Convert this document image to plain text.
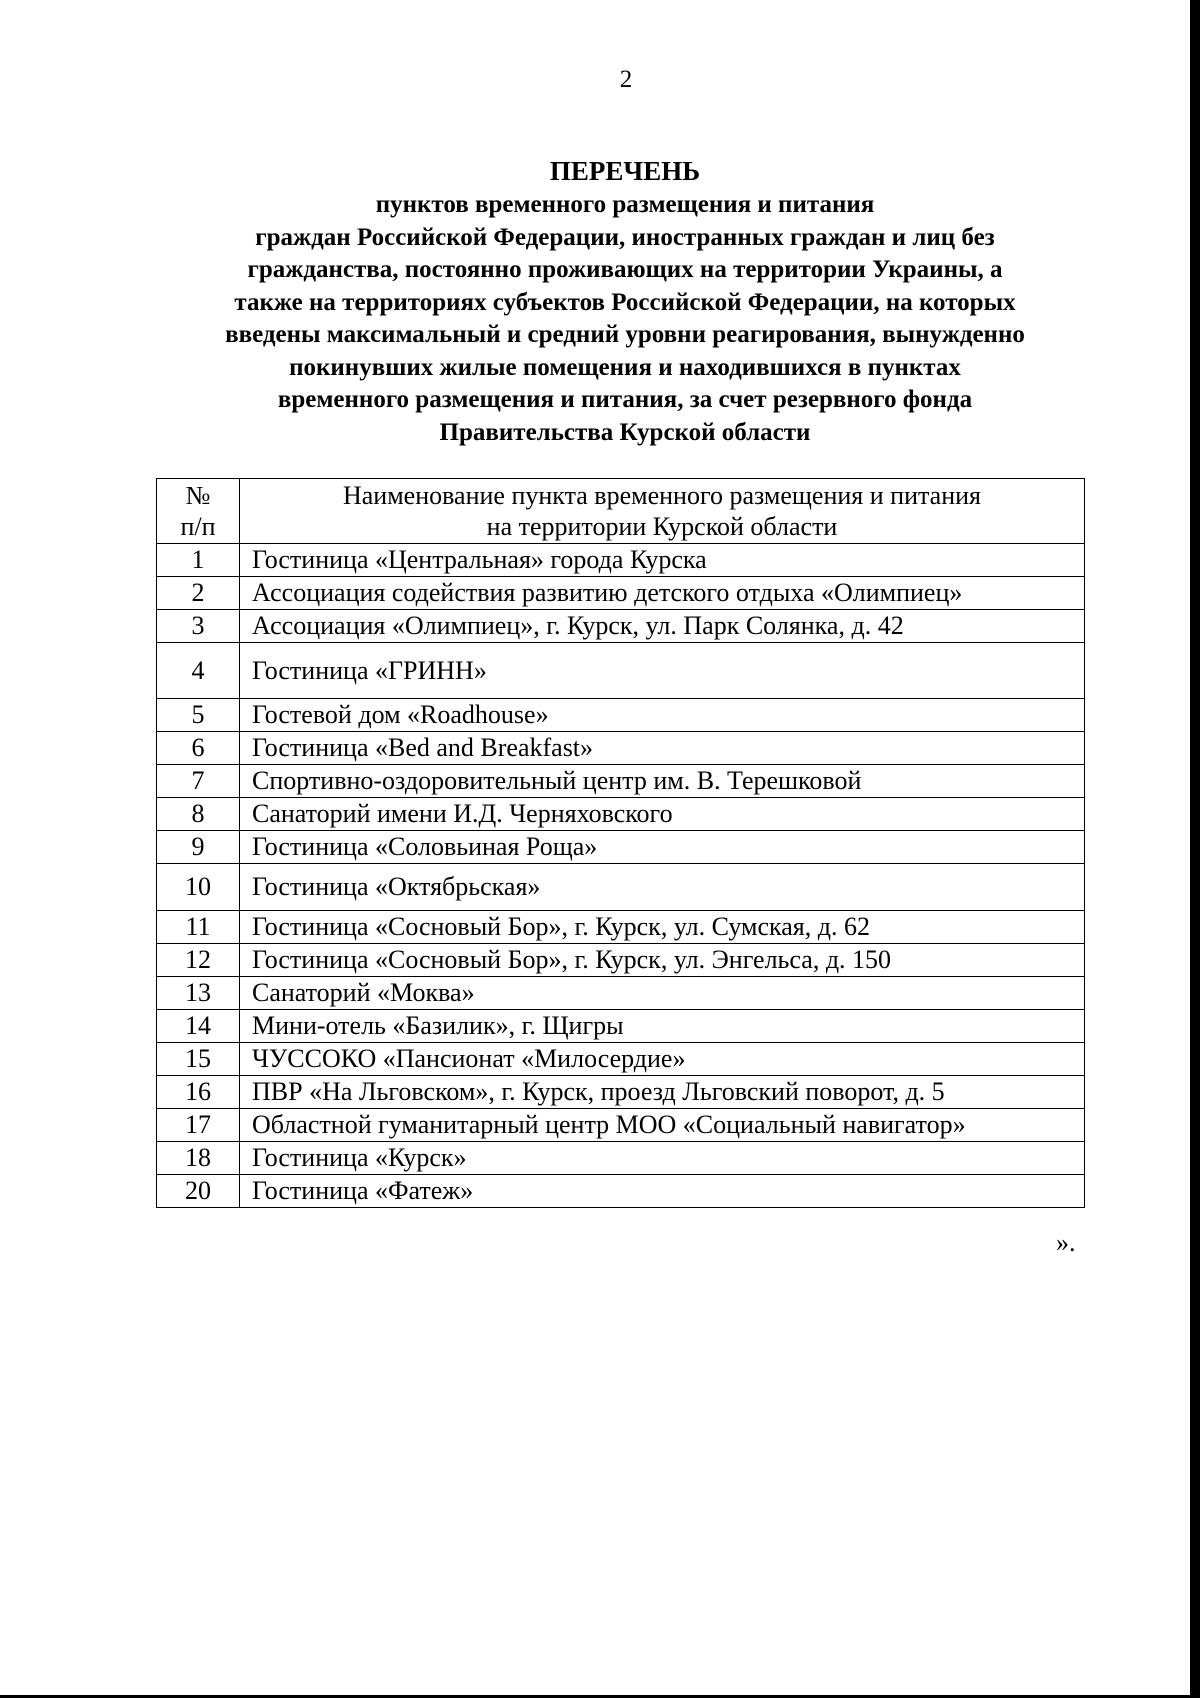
2
ПЕРЕЧЕНЬ
пунктов временного размещения и питания
граждан Российской Федерации, иностранных граждан и лиц без
гражданства, постоянно проживающих на территории Украины, а
также на территориях субъектов Российской Федерации, на которых
введены максимальный и средний уровни реагирования, вынужденно
покинувших жилые помещения и находившихся в пунктах
временного размещения и питания, за счет резервного фонда
Правительства Курской области
№
п/п	Наименование пункта временного размещения и питания
на территории Курской области

1	Гостиница «Центральная» города Курска
2	Ассоциация содействия развитию детского отдыха «Олимпиец»
3	Ассоциация «Олимпиец», г. Курск, ул. Парк Солянка, д. 42
4	Гостиница «ГРИНН»
5	Гостевой дом «Roadhouse»
6	Гостиница «Bed and Breakfast»
7	Спортивно-оздоровительный центр им. В. Терешковой
8	Санаторий имени И.Д. Черняховского
9	Гостиница «Соловьиная Роща»
10	Гостиница «Октябрьская»
11	Гостиница «Сосновый Бор», г. Курск, ул. Сумская, д. 62
12	Гостиница «Сосновый Бор», г. Курск, ул. Энгельса, д. 150
13	Санаторий «Моква»
14	Мини-отель «Базилик», г. Щигры
15	ЧУССОКО «Пансионат «Милосердие»
16	ПВР «На Льговском», г. Курск, проезд Льговский поворот, д. 5
17	Областной гуманитарный центр МОО «Социальный навигатор»
18	Гостиница «Курск»
20	Гостиница «Фатеж»
».
